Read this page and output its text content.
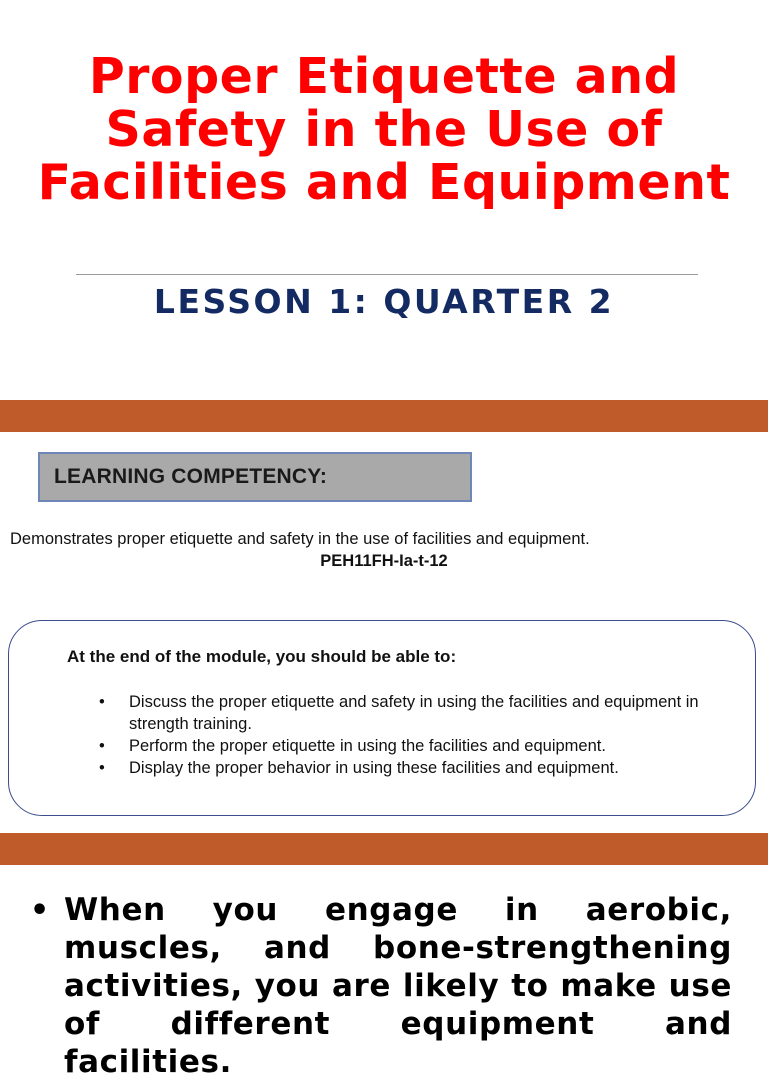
Proper Etiquette and Safety in the Use of Facilities and Equipment
LESSON 1: QUARTER 2
LEARNING COMPETENCY:
Demonstrates proper etiquette and safety in the use of facilities and equipment.
PEH11FH-Ia-t-12
At the end of the module, you should be able to:
• Discuss the proper etiquette and safety in using the facilities and equipment in strength training.
• Perform the proper etiquette in using the facilities and equipment.
• Display the proper behavior in using these facilities and equipment.
• When you engage in aerobic, muscles, and bone-strengthening activities, you are likely to make use of different equipment and facilities.
